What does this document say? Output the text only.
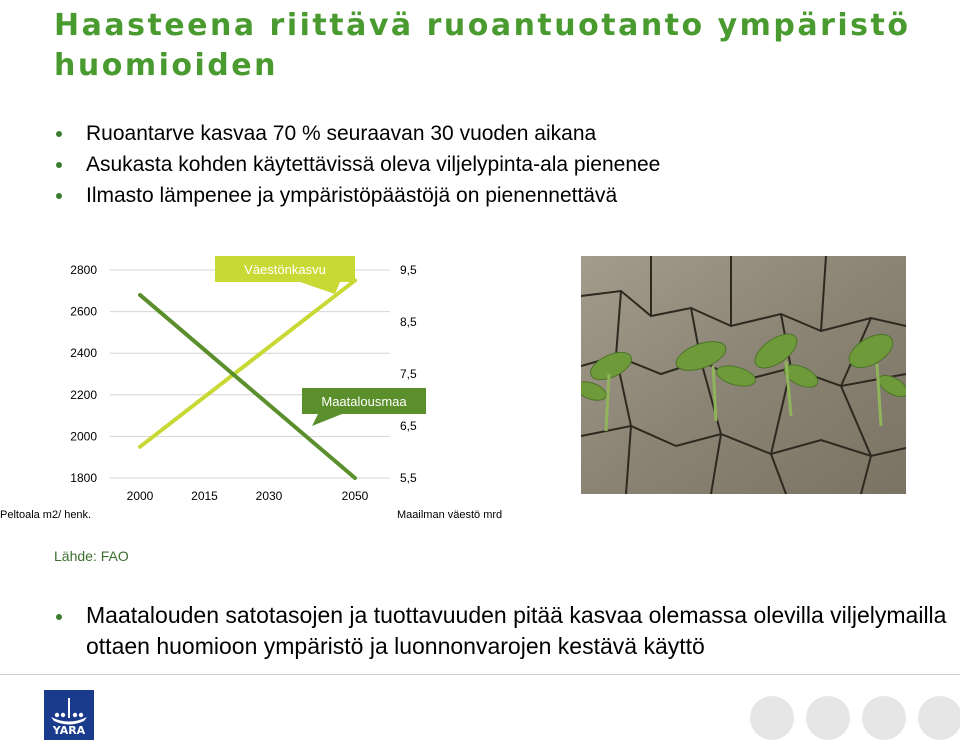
Haasteena riittävä ruoantuotanto ympäristö huomioiden
Ruoantarve kasvaa 70 % seuraavan 30 vuoden aikana
Asukasta kohden käytettävissä oleva viljelypinta-ala pienenee
Ilmasto lämpenee ja ympäristöpäästöjä on pienennettävä
2800
2600
2400
2200
2000
1800
9,5
8,5
7,5
6,5
5,5
2000	2015	2030	2050
Väestönkasvu
Maatalousmaa
Peltoala m2/ henk.	Maailman väestö mrd
Lähde: FAO
Maatalouden satotasojen ja tuottavuuden pitää kasvaa olemassa olevilla viljelymailla ottaen huomioon ympäristö ja luonnonvarojen kestävä käyttö
YARA
